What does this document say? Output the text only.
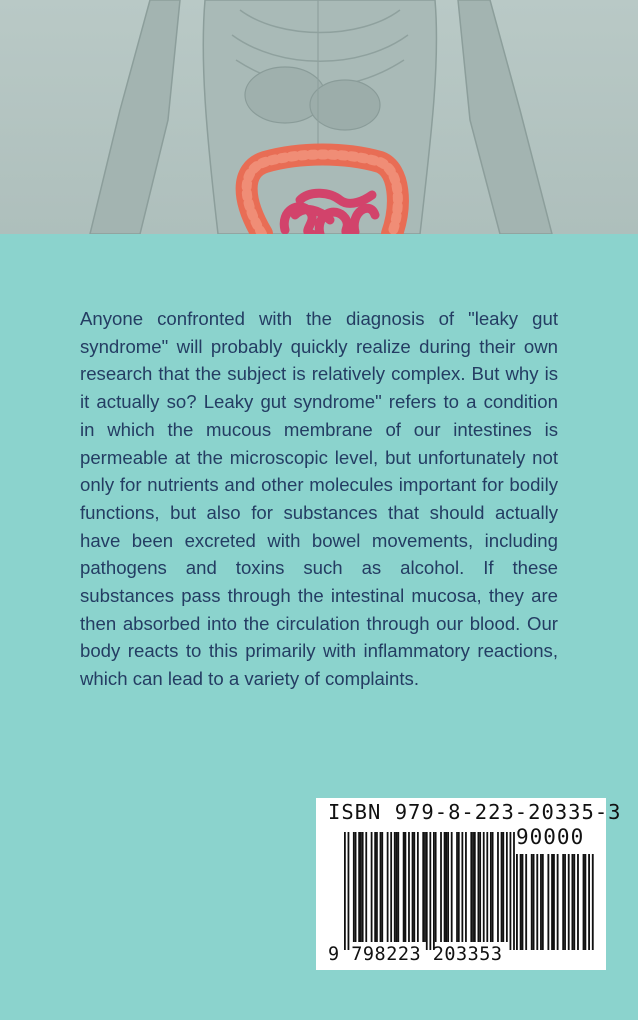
Anyone confronted with the diagnosis of "leaky gut syndrome" will probably quickly realize during their own research that the subject is relatively complex. But why is it actually so? Leaky gut syndrome" refers to a condition in which the mucous membrane of our intestines is permeable at the microscopic level, but unfortunately not only for nutrients and other molecules important for bodily functions, but also for substances that should actually have been excreted with bowel movements, including pathogens and toxins such as alcohol. If these substances pass through the intestinal mucosa, they are then absorbed into the circulation through our blood. Our body reacts to this primarily with inflammatory reactions, which can lead to a variety of complaints.

ISBN 979-8-223-20335-3
90000
9 798223 203353
